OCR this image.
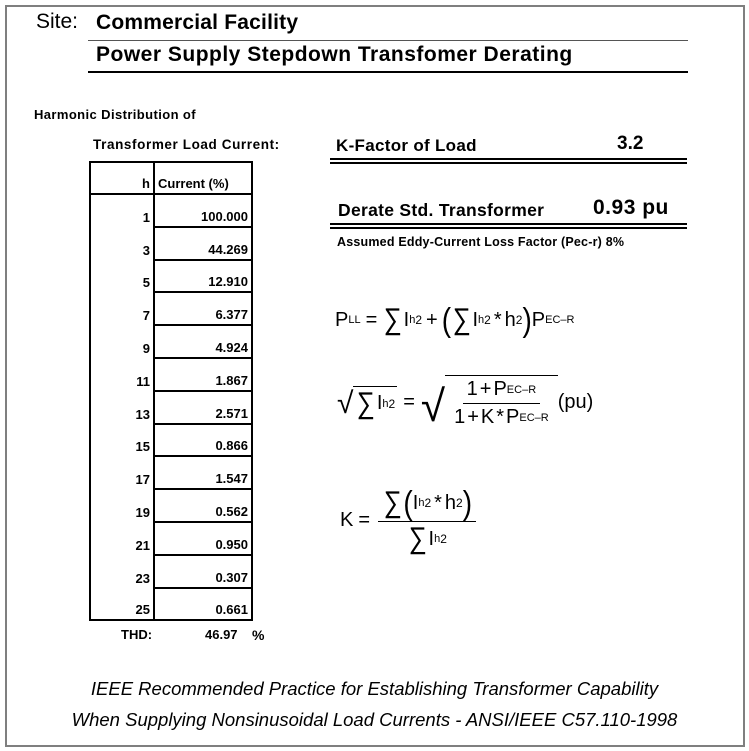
Site: Commercial Facility
Power Supply Stepdown Transfomer Derating
Harmonic Distribution of
Transformer Load Current:	K-Factor of Load	3.2
Derate Std. Transformer 0.93 pu
Assumed Eddy-Current Loss Factor (Pec-r) 8%
h	Current (%)
1	100.000
3	44.269
5	12.910
7	6.377
9	4.924
11	1.867
13	2.571
15	0.866
17	1.547
19	0.562
21	0.950
23	0.307
25	0.661
THD:	46.97 %
P LL = ∑ I h 2 + ( ∑ I h 2 * h 2 ) P EC–R
√ ∑ I h 2 = √ $\frac{\text{1 + P EC–R}}{\text{1 + K * P EC–R}} (pu)$
$K = \frac{\text{∑ ( I h 2 * h 2 )}}{\text{∑ I h 2}}$
IEEE Recommended Practice for Establishing Transformer Capability
When Supplying Nonsinusoidal Load Currents - ANSI/IEEE C57.110-1998
